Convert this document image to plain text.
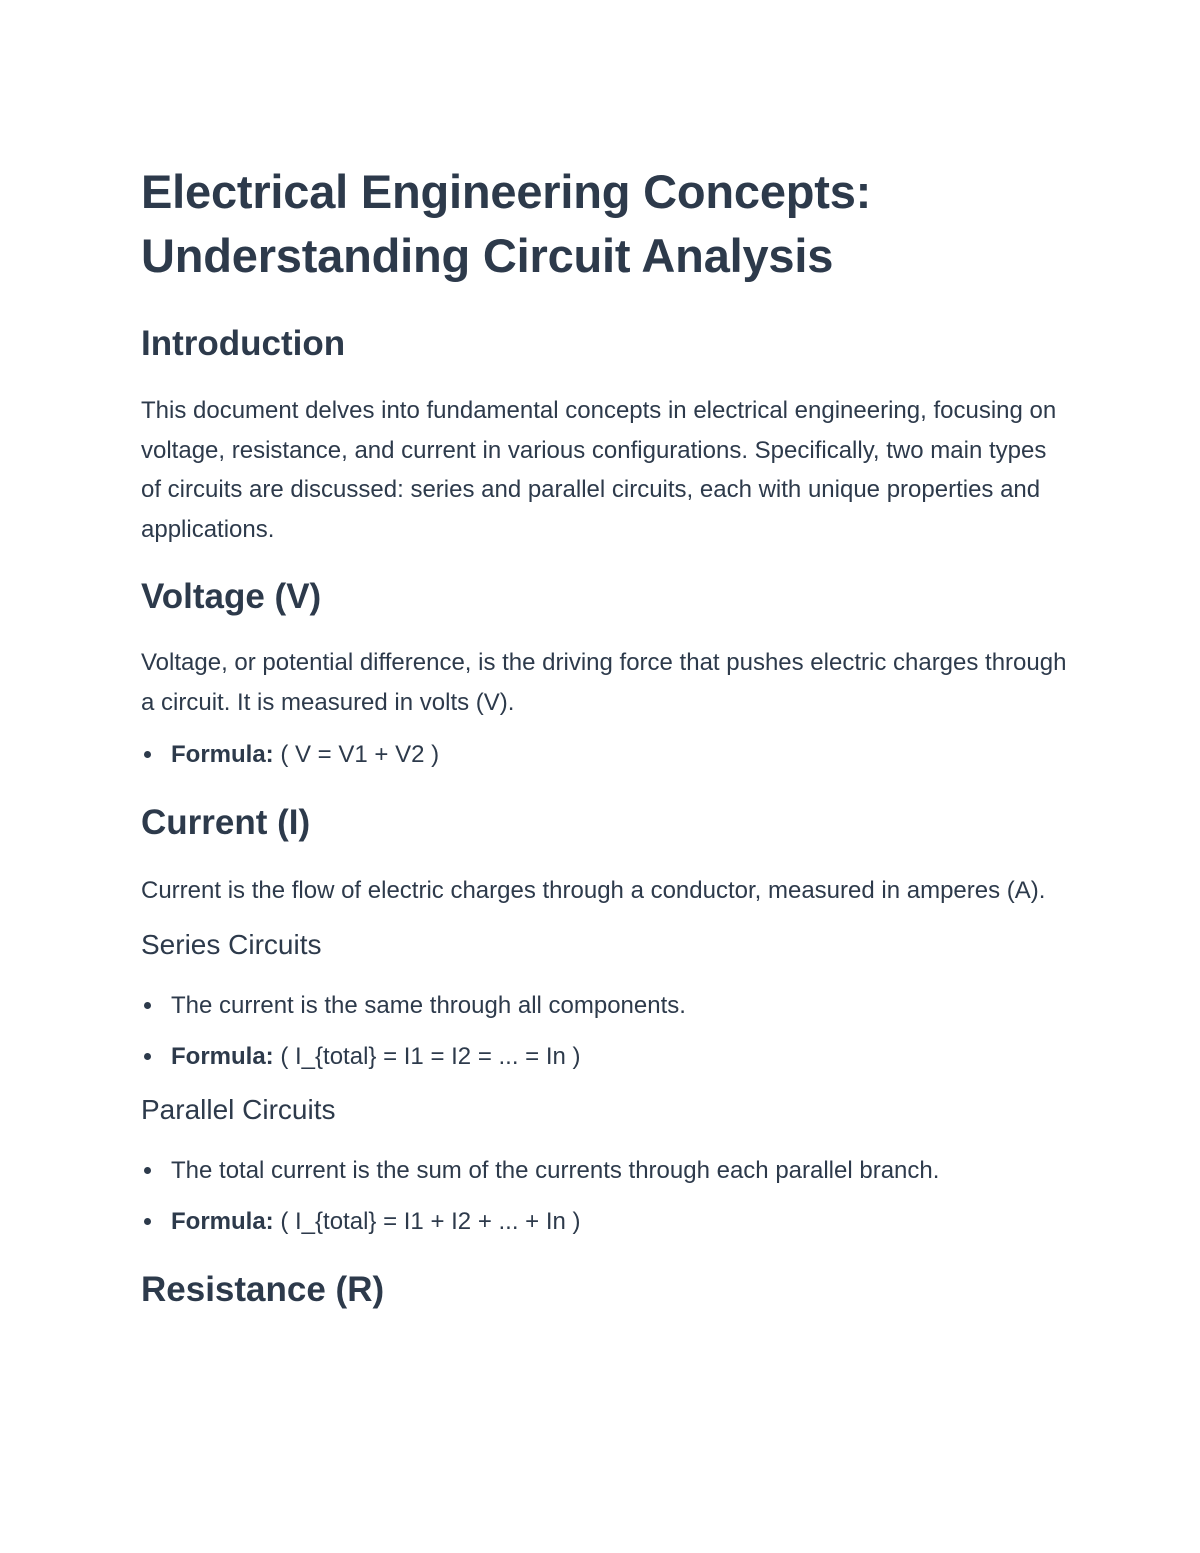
Electrical Engineering Concepts: Understanding Circuit Analysis
Introduction

This document delves into fundamental concepts in electrical engineering, focusing on voltage, resistance, and current in various configurations. Specifically, two main types of circuits are discussed: series and parallel circuits, each with unique properties and applications.

Voltage (V)

Voltage, or potential difference, is the driving force that pushes electric charges through a circuit. It is measured in volts (V).

Formula: ( V = V1 + V2 )
Current (I)

Current is the flow of electric charges through a conductor, measured in amperes (A).

Series Circuits
The current is the same through all components.
Formula: ( I_{total} = I1 = I2 = ... = In )
Parallel Circuits
The total current is the sum of the currents through each parallel branch.
Formula: ( I_{total} = I1 + I2 + ... + In )
Resistance (R)
